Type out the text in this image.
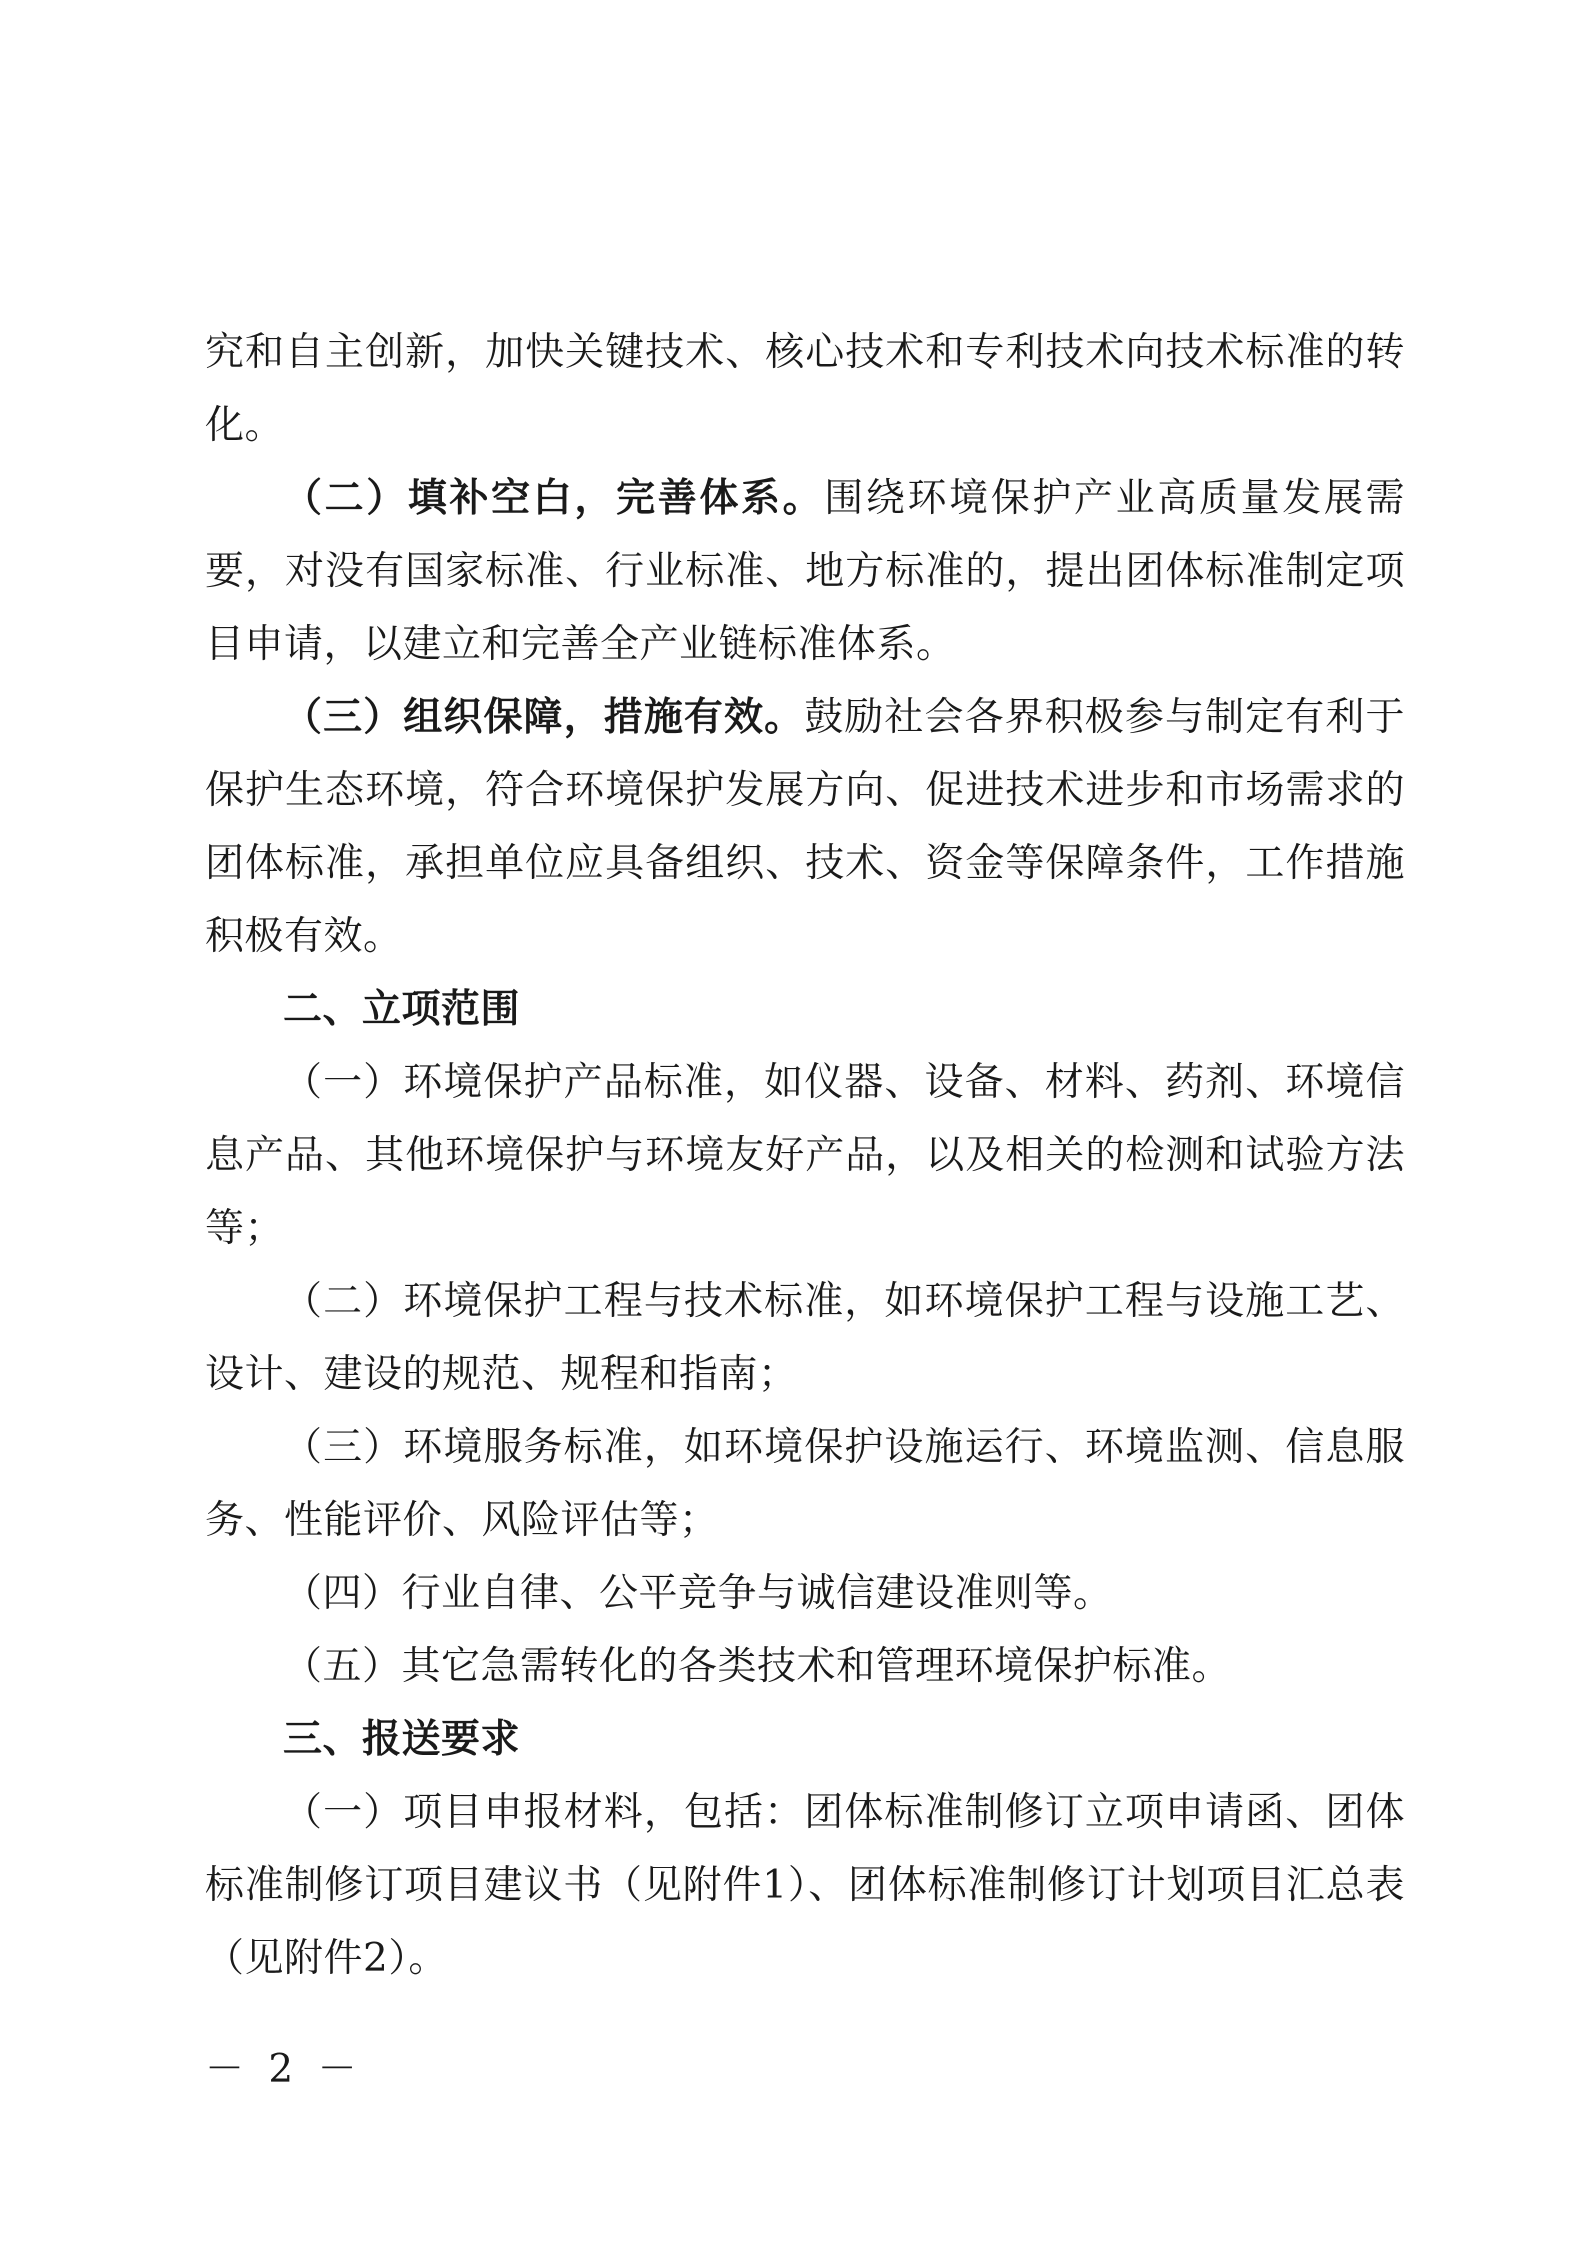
究和自主创新，加快关键技术、核心技术和专利技术向技术标准的转化。

（二）填补空白，完善体系。围绕环境保护产业高质量发展需要，对没有国家标准、行业标准、地方标准的，提出团体标准制定项目申请，以建立和完善全产业链标准体系。

（三）组织保障，措施有效。鼓励社会各界积极参与制定有利于保护生态环境，符合环境保护发展方向、促进技术进步和市场需求的团体标准，承担单位应具备组织、技术、资金等保障条件，工作措施积极有效。

二、立项范围

（一）环境保护产品标准，如仪器、设备、材料、药剂、环境信息产品、其他环境保护与环境友好产品，以及相关的检测和试验方法等；

（二）环境保护工程与技术标准，如环境保护工程与设施工艺、设计、建设的规范、规程和指南；

（三）环境服务标准，如环境保护设施运行、环境监测、信息服务、性能评价、风险评估等；

（四）行业自律、公平竞争与诚信建设准则等。

（五）其它急需转化的各类技术和管理环境保护标准。

三、报送要求

（一）项目申报材料，包括：团体标准制修订立项申请函、团体标准制修订项目建议书（见附件1）、团体标准制修订计划项目汇总表（见附件2）。

－ 2 －
